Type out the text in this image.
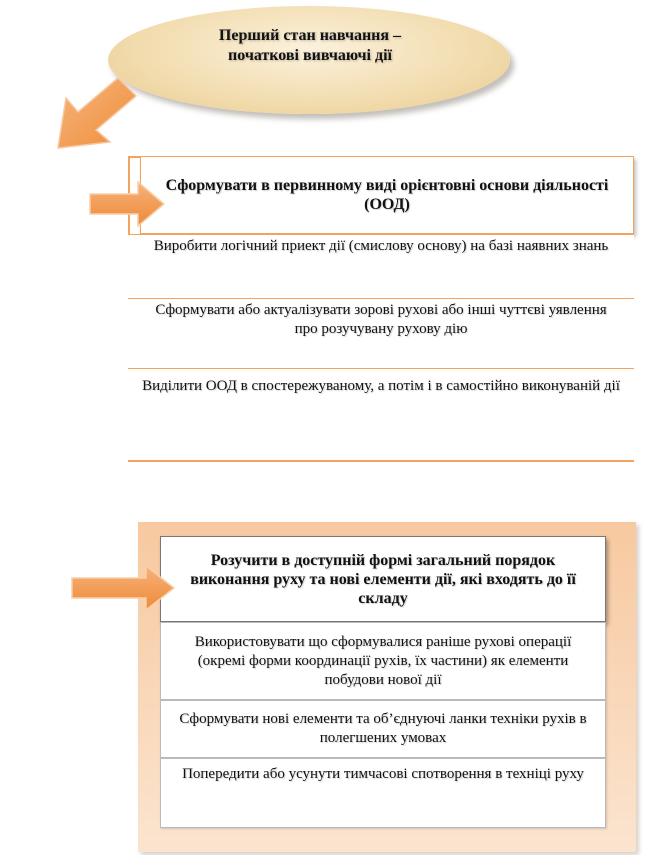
Перший стан навчання –
початкові вивчаючі дії
Сформувати в первинному виді орієнтовні основи діяльності (ООД)
Виробити логічний приект дії (смислову основу) на базі наявних знань
Сформувати або актуалізувати зорові рухові або інші чуттєві уявлення про розучувану рухову дію
Виділити ООД в спостережуваному, а потім і в самостійно виконуваній дії
Розучити в доступній формі загальний порядок виконання руху та нові елементи дії, які входять до її складу
Використовувати що сформувалися раніше рухові операції (окремі форми координації рухів, їх частини) як елементи побудови нової дії
Сформувати нові елементи та об’єднуючі ланки техніки рухів в полегшених умовах
Попередити або усунути тимчасові спотворення в техніці руху
